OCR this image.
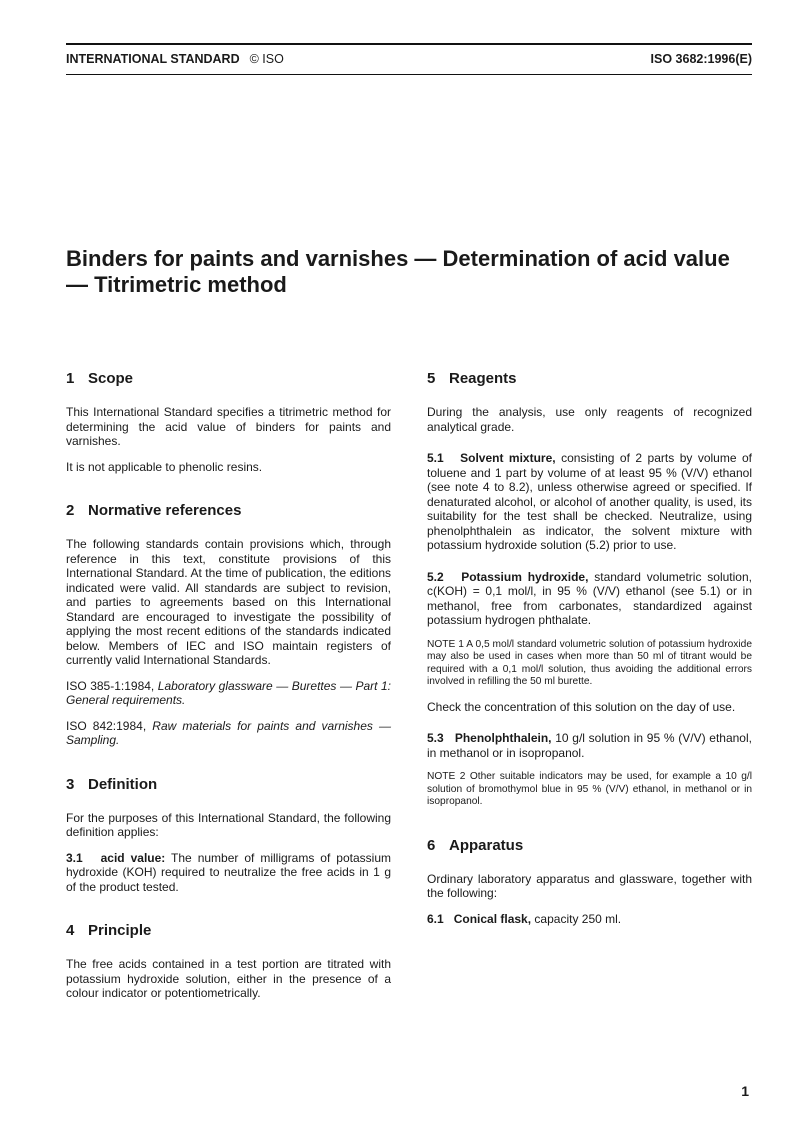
INTERNATIONAL STANDARD © ISO	ISO 3682:1996(E)
Binders for paints and varnishes — Determination of acid value — Titrimetric method
1 Scope

This International Standard specifies a titrimetric method for determining the acid value of binders for paints and varnishes.

It is not applicable to phenolic resins.

2 Normative references

The following standards contain provisions which, through reference in this text, constitute provisions of this International Standard. At the time of publication, the editions indicated were valid. All standards are subject to revision, and parties to agreements based on this International Standard are encouraged to investigate the possibility of applying the most recent editions of the standards indicated below. Members of IEC and ISO maintain registers of currently valid International Standards.

ISO 385-1:1984, Laboratory glassware — Burettes — Part 1: General requirements.

ISO 842:1984, Raw materials for paints and varnishes — Sampling.

3 Definition

For the purposes of this International Standard, the following definition applies:

3.1 acid value: The number of milligrams of potassium hydroxide (KOH) required to neutralize the free acids in 1 g of the product tested.

4 Principle

The free acids contained in a test portion are titrated with potassium hydroxide solution, either in the presence of a colour indicator or potentiometrically.

5 Reagents

During the analysis, use only reagents of recognized analytical grade.

5.1 Solvent mixture, consisting of 2 parts by volume of toluene and 1 part by volume of at least 95 % (V/V) ethanol (see note 4 to 8.2), unless otherwise agreed or specified. If denaturated alcohol, or alcohol of another quality, is used, its suitability for the test shall be checked. Neutralize, using phenolphthalein as indicator, the solvent mixture with potassium hydroxide solution (5.2) prior to use.

5.2 Potassium hydroxide, standard volumetric solution, c(KOH) = 0,1 mol/l, in 95 % (V/V) ethanol (see 5.1) or in methanol, free from carbonates, standardized against potassium hydrogen phthalate.

NOTE 1 A 0,5 mol/l standard volumetric solution of potassium hydroxide may also be used in cases when more than 50 ml of titrant would be required with a 0,1 mol/l solution, thus avoiding the additional errors involved in refilling the 50 ml burette.

Check the concentration of this solution on the day of use.

5.3 Phenolphthalein, 10 g/l solution in 95 % (V/V) ethanol, in methanol or in isopropanol.

NOTE 2 Other suitable indicators may be used, for example a 10 g/l solution of bromothymol blue in 95 % (V/V) ethanol, in methanol or in isopropanol.

6 Apparatus

Ordinary laboratory apparatus and glassware, together with the following:

6.1 Conical flask, capacity 250 ml.

1
